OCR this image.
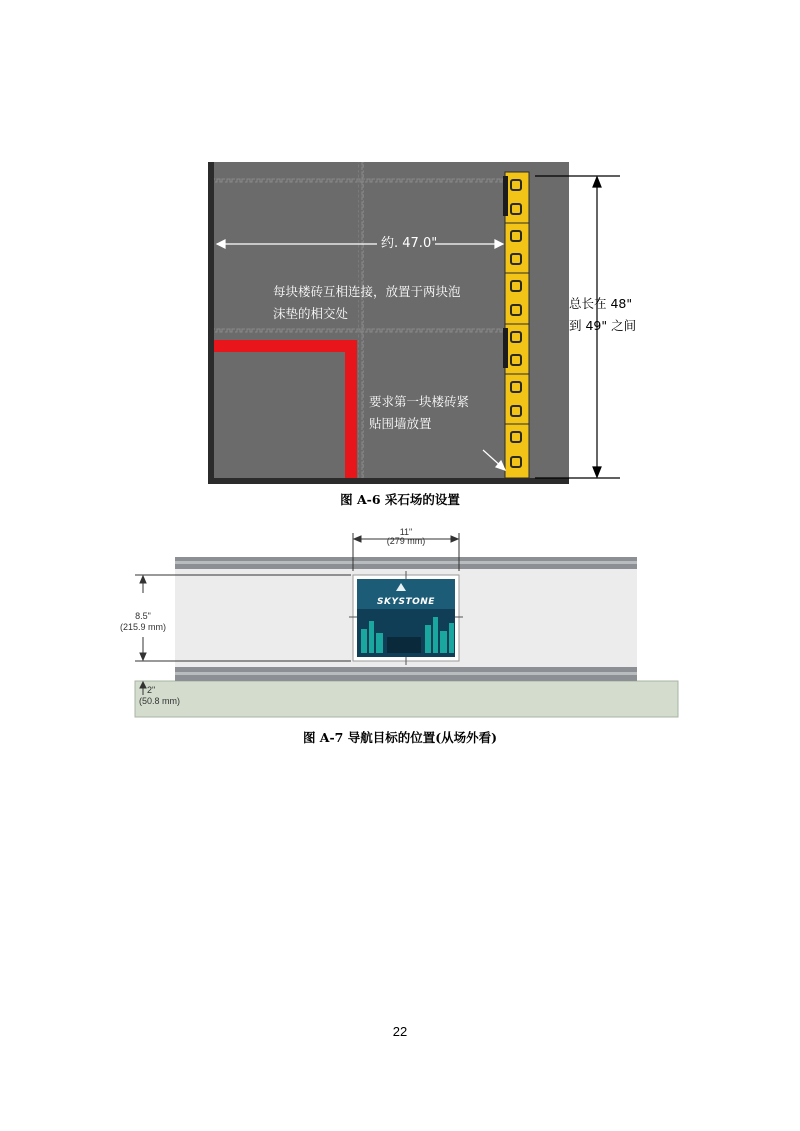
约. 47.0"
每块楼砖互相连接，放置于两块泡
沫垫的相交处
要求第一块楼砖紧
贴围墙放置
总长在 48"
到 49" 之间
图 A-6 采石场的设置
11"
(279 mm)
8.5"
(215.9 mm)
2"
(50.8 mm)
SKYSTONE
图 A-7 导航目标的位置(从场外看)
22
